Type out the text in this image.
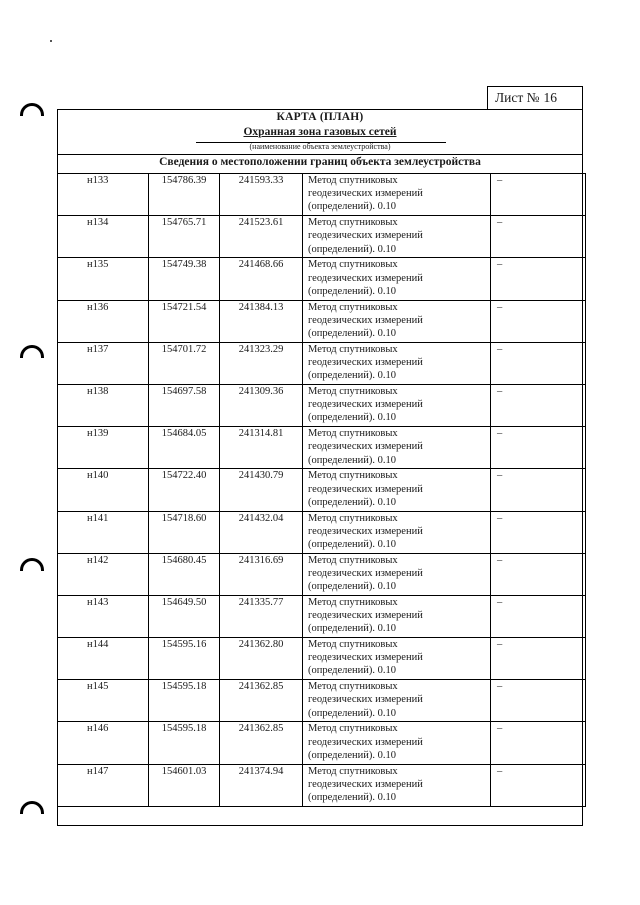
Лист № 16
КАРТА (ПЛАН)
Охранная зона газовых сетей
(наименование объекта землеустройства)
Сведения о местоположении границ объекта землеустройства
н133	154786.39	241593.33	Метод спутниковых
геодезических измерений
(определений). 0.10	–
н134	154765.71	241523.61	Метод спутниковых
геодезических измерений
(определений). 0.10	–
н135	154749.38	241468.66	Метод спутниковых
геодезических измерений
(определений). 0.10	–
н136	154721.54	241384.13	Метод спутниковых
геодезических измерений
(определений). 0.10	–
н137	154701.72	241323.29	Метод спутниковых
геодезических измерений
(определений). 0.10	–
н138	154697.58	241309.36	Метод спутниковых
геодезических измерений
(определений). 0.10	–
н139	154684.05	241314.81	Метод спутниковых
геодезических измерений
(определений). 0.10	–
н140	154722.40	241430.79	Метод спутниковых
геодезических измерений
(определений). 0.10	–
н141	154718.60	241432.04	Метод спутниковых
геодезических измерений
(определений). 0.10	–
н142	154680.45	241316.69	Метод спутниковых
геодезических измерений
(определений). 0.10	–
н143	154649.50	241335.77	Метод спутниковых
геодезических измерений
(определений). 0.10	–
н144	154595.16	241362.80	Метод спутниковых
геодезических измерений
(определений). 0.10	–
н145	154595.18	241362.85	Метод спутниковых
геодезических измерений
(определений). 0.10	–
н146	154595.18	241362.85	Метод спутниковых
геодезических измерений
(определений). 0.10	–
н147	154601.03	241374.94	Метод спутниковых
геодезических измерений
(определений). 0.10	–
